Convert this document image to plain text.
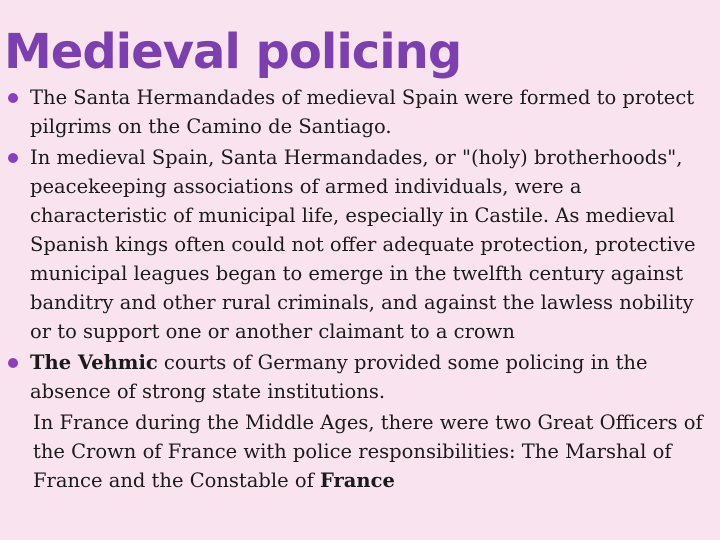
Medieval policing
The Santa Hermandades of medieval Spain were formed to protect pilgrims on the Camino de Santiago.
In medieval Spain, Santa Hermandades, or "(holy) brotherhoods", peacekeeping associations of armed individuals, were a characteristic of municipal life, especially in Castile. As medieval Spanish kings often could not offer adequate protection, protective municipal leagues began to emerge in the twelfth century against banditry and other rural criminals, and against the lawless nobility or to support one or another claimant to a crown
The Vehmic courts of Germany provided some policing in the absence of strong state institutions.

In France during the Middle Ages, there were two Great Officers of the Crown of France with police responsibilities: The Marshal of France and the Constable of France
